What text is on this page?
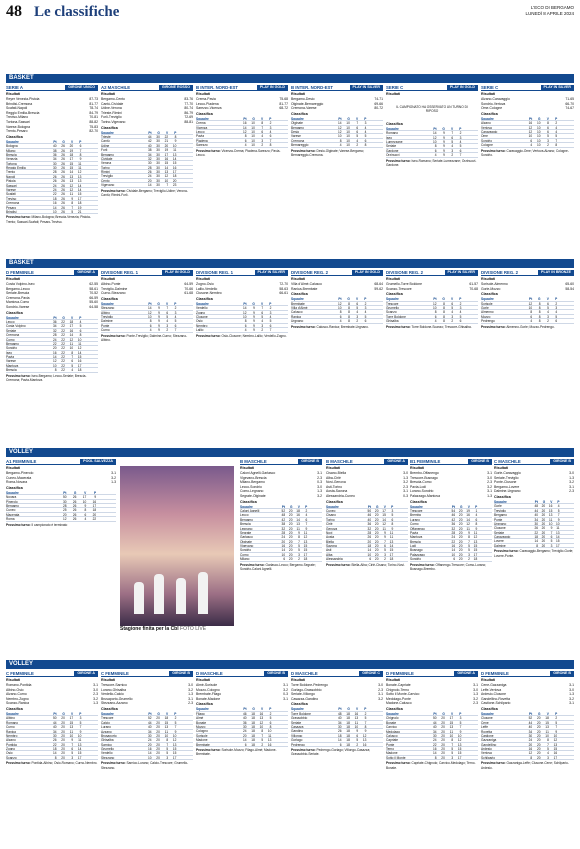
48 Le classifiche	L'ECO DI BERGAMO
LUNEDÌ 8 APRILE 2024
BASKET
BASKET
VOLLEY
VOLLEY
SERIE A	GIRONE UNICO
Risultati
Reyer Venezia-Pistoia	87-73
Brindisi-Cremona	81-77
Scafati-Napoli	78-74
Reggio Emilia-Brescia	84-79
Treviso-Milano	70-81
Tortona-Sassari	88-82
Varese-Bologna	75-83
Trento-Pesaro	82-70
Classifica
Squadre	Pt G V P
Bologna	40 26 20 6
Milano	38 26 19 7
Brescia	36 26 18 8
Venezia	34 26 17 9
Tortona	30 26 15 11
Reggio Emilia	30 26 15 11
Trento	28 26 14 12
Napoli	26 26 13 13
Pistoia	26 26 13 13
Sassari	24 26 12 14
Varese	24 26 12 14
Scafati	22 26 11 15
Treviso	18 26 9 17
Cremona	16 26 8 18
Pesaro	14 26 7 19
Brindisi	10 26 5 21
Prossimo turno: Milano-Bologna; Brescia-Venezia; Pistoia-Trento; Sassari-Scafati; Pesaro-Treviso.
A2 MASCHILE	GIRONE ROSSO
Risultati
Bergamo-Cento	83-76
Cantù-Cividale	77-70
Udine-Verona	80-74
Trieste-Rimini	86-79
Forlì-Treviglio	72-69
Torino-Vigevano	88-81
Classifica
Squadre	Pt G V P
Trieste	44 30 22 8
Cantù	42 30 21 9
Udine	40 30 20 10
Forlì	38 30 19 11
Bergamo	34 30 17 13
Cividale	32 30 16 14
Verona	30 30 15 15
Torino	28 30 14 16
Rimini	26 30 13 17
Treviglio	24 30 12 18
Cento	20 30 10 20
Vigevano	14 30 7 23
Prossimo turno: Cividale-Bergamo; Treviglio-Udine; Verona-Cantù; Rimini-Forlì.
B INTER. NORD-EST	PLAY IN GOLD
Risultati
Crema-Pavia	75-68
Lecco-Piadena	81-77
Sarezzo-Vicenza	68-72
Classifica
Squadre	Pt G V P
Crema	16 10 8 2
Vicenza	14 10 7 3
Lecco	12 10 6 4
Pavia	8 10 4 6
Piadena	6 10 3 7
Sarezzo	4 10 2 8
Prossimo turno: Vicenza-Crema; Piadena-Sarezzo; Pavia-Lecco.
B INTER. NORD-EST	PLAY IN SILVER
Risultati
Bergamo-Desio	74-71
Olginate-Bernareggio	69-66
Cremona-Varese	80-72
Classifica
Squadre	Pt G V P
Olginate	14 10 7 3
Bergamo	12 10 6 4
Desio	12 10 6 4
Varese	10 10 5 5
Cremona	8 10 4 6
Bernareggio	4 10 2 8
Prossimo turno: Desio-Olginate; Varese-Bergamo; Bernareggio-Cremona.
SERIE C	PLAY IN GOLD
Risultati
IL CAMPIONATO HA OSSERVATO UN TURNO DI RIPOSO
Classifica
Squadre	Pt G V P
Romano	14 9 7 2
Iseo	12 9 6 3
Lumezzane	10 9 5 4
Seriate	8 9 4 5
Gardone	6 9 3 6
Orzinuovi	4 9 2 7
Prossimo turno: Iseo-Romano; Seriate-Lumezzane; Orzinuovi-Gardone.
SERIE C	PLAY IN SILVER
Risultati
Alzano-Caravaggio	71-65
Sondrio-Vertova	66-70
Ome-Cologne	74-67
Classifica
Squadre	Pt G V P
Alzano	16 10 8 2
Vertova	12 10 6 4
Caravaggio	12 10 6 4
Ome	10 10 5 5
Sondrio	6 10 3 7
Cologne	4 10 2 8
Prossimo turno: Caravaggio-Ome; Vertova-Alzano; Cologne-Sondrio.
D FEMMINILE	GIRONE A
Risultati
Costa Volpino-Iseo	62-55
Bergamo-Lecco	58-61
Seriate-Brescia	70-52
Cremona-Pavia	66-59
Mantova-Como	55-60
Sondrio-Varese	64-58
Classifica
Squadre	Pt G V P
Lecco	36 22 18 4
Costa Volpino	34 22 17 5
Seriate	32 22 16 6
Cremona	28 22 14 8
Como	24 22 12 10
Bergamo	22 22 11 11
Sondrio	20 22 10 12
Iseo	16 22 8 14
Pavia	14 22 7 15
Varese	12 22 6 16
Mantova	10 22 5 17
Brescia	8 22 4 18
Prossimo turno: Iseo-Bergamo; Lecco-Seriate; Brescia-Cremona; Pavia-Mantova.
DIVISIONE REG. 1	PLAY IN GOLD
Risultati
Albino-Ponte	64-59
Treviglio-Dalmine	70-66
Curno-Stezzano	61-68
Classifica
Squadre	Pt G V P
Stezzano	14 9 7 2
Albino	12 9 6 3
Treviglio	10 9 5 4
Dalmine	8 9 4 5
Ponte	6 9 3 6
Curno	4 9 2 7
Prossimo turno: Ponte-Treviglio; Dalmine-Curno; Stezzano-Albino.
DIVISIONE REG. 1	PLAY IN SILVER
Risultati
Zogno-Osio	72-70
Lallio-Verdello	58-63
Clusone-Nembro	66-61
Classifica
Squadre	Pt G V P
Verdello	14 9 7 2
Zogno	12 9 6 3
Clusone	10 9 5 4
Osio	8 9 4 5
Nembro	6 9 3 6
Lallio	4 9 2 7
Prossimo turno: Osio-Clusone; Nembro-Lallio; Verdello-Zogno.
DIVISIONE REG. 2	PLAY IN GOLD
Risultati
Villa d'Almè-Calusco	68-64
Ranica-Brembate	59-62
Classifica
Squadre	Pt G V P
Brembate	12 8 6 2
Villa d'Almè	10 8 5 3
Calusco	8 8 4 4
Ranica	6 8 3 5
Urgnano	4 8 2 6
Prossimo turno: Calusco-Ranica; Brembate-Urgnano.
DIVISIONE REG. 2	PLAY IN SILVER
Risultati
Grumello-Torre Boldone	61-57
Scanzo-Trescore	70-68
Classifica
Squadre	Pt G V P
Trescore	12 8 6 2
Grumello	10 8 5 3
Scanzo	8 8 4 4
Torre Boldone	6 8 3 5
Ghisalba	4 8 2 6
Prossimo turno: Torre Boldone-Scanzo; Trescore-Ghisalba.
DIVISIONE REG. 2	PLAY IN BRONZE
Risultati
Sorisole-Almenno	65-60
Gorle-Mozzo	58-54
Classifica
Squadre	Pt G V P
Sorisole	12 8 6 2
Gorle	10 8 5 3
Almenno	8 8 4 4
Mozzo	6 8 3 5
Pedrengo	4 8 2 6
Prossimo turno: Almenno-Gorle; Mozzo-Pedrengo.
A1 FEMMINILE	POOL SALVEZZA
Risultati
Bergamo-Pinerolo	3-1
Cuneo-Macerata	3-2
Roma-Novara	1-3
Classifica
Squadre	Pt G V P
Novara	50 26 17	9
Pinerolo	30 26 10 16
Bergamo	28 26	9 17
Cuneo	25 26	8 18
Macerata	20 26	6 20
Roma	12 26	4 22
Prossimo turno: Il campionato è terminato
B MASCHILE	GIRONE B
Risultati
Caloni Agnelli-Garlasco	3-1
Vigevano-Brescia	2-3
Milano-Bergamo	0-3
Lecco-Sondrio	3-0
Como-Legnano	1-3
Segrate-Olginate	3-2
Classifica
Squadre	Pt G V P
Caloni Agnelli	52 20 18 2
Lecco	48 20 16 4
Bergamo	42 20 14 6
Brescia	38 20 13 7
Legnano	32 20 11 9
Segrate	28 20 9 11
Garlasco	24 20 8 12
Olginate	20 20 7 13
Vigevano	16 20 5 15
Sondrio	14 20 5 15
Como	10 20 3 17
Milano	6 20 2 18
Prossimo turno: Garlasco-Lecco; Bergamo-Segrate; Sondrio-Caloni Agnelli.
B MASCHILE	GIRONE A
Risultati
Cisano-Biella	3-0
Alba-Ciriè	1-3
Novi-Genova	3-2
Asti-Torino	2-3
Aosta-Savona	3-1
Alessandria-Cuneo	0-3
Classifica
Squadre	Pt G V P
Cuneo	50 20 17 3
Cisano	46 20 15 5
Torino	40 20 14 6
Ciriè	36 20 12 8
Genova	32 20 11 9
Novi	28 20 9 11
Aosta	26 20 9 11
Biella	20 20 7 13
Savona	18 20 6 14
Asti	14 20 5 15
Alba	10 20 3 17
Alessandria	6 20 2 18
Prossimo turno: Biella-Alba; Ciriè-Cisano; Torino-Novi.
B1 FEMMINILE	GIRONE B
Risultati
Brembo-Offanengo	3-1
Trescore-Busnago	3-0
Brescia-Como	2-3
Pavia-Lodi	3-2
Lurano-Sondrio	3-1
Palazzago-Mantova	1-3
Classifica
Squadre	Pt G V P
Trescore	54 20 19 1
Brembo	46 20 16 4
Lurano	42 20 14 6
Como	36 20 12 8
Offanengo	32 20 11 9
Pavia	28 20 9 11
Mantova	24 20 8 12
Brescia	22 20 7 13
Lodi	16 20 5 15
Busnago	14 20 5 15
Palazzago	10 20 3 17
Sondrio	6 20 2 18
Prossimo turno: Offanengo-Trescore; Como-Lurano; Busnago-Brembo.
C MASCHILE	GIRONE B
Risultati
Gorle-Caravaggio	3-0
Seriate-Treviglio	1-3
Ponte-Clusone	3-2
Bergamo-Lovere	3-1
Dalmine-Urgnano	2-3
Classifica
Squadre	Pt G V P
Gorle	48 20 16 4
Treviglio	44 20 15 5
Bergamo	40 20 13 7
Ponte	34 20 11 9
Urgnano	30 20 10 10
Clusone	26 20 9 11
Seriate	22 20 7 13
Caravaggio	18 20 6 14
Lovere	14 20 5 15
Dalmine	8 20 3 17
Prossimo turno: Caravaggio-Bergamo; Treviglio-Gorle; Lovere-Ponte.
C FEMMINILE	GIRONE A
Risultati
Romano-Pontida	3-1
Albino-Osio	3-0
Alzano-Curno	2-3
Nembro-Zogno	3-2
Scanzo-Ranica	1-3
Classifica
Squadre	Pt G V P
Albino	50 20 17 3
Romano	44 20 15 5
Curno	40 20 13 7
Ranica	34 20 11 9
Nembro	30 20 10 10
Alzano	26 20 9 11
Pontida	22 20 7 13
Zogno	18 20 6 14
Osio	14 20 5 15
Scanzo	8 20 3 17
Prossimo turno: Pontida-Albino; Osio-Romano; Curno-Nembro.
C FEMMINILE	GIRONE B
Risultati
Trescore-Sarnico	3-0
Lurano-Ghisalba	3-2
Verdello-Calcio	1-3
Brusaporto-Grumello	3-1
Stezzano-Azzano	2-3
Classifica
Squadre	Pt G V P
Trescore	52 20 18 2
Calcio	44 20 15 5
Lurano	40 20 13 7
Azzano	34 20 11 9
Brusaporto	30 20 10 10
Ghisalba	24 20 8 12
Sarnico	20 20 7 13
Grumello	16 20 5 15
Verdello	14 20 5 15
Stezzano	10 20 3 17
Prossimo turno: Sarnico-Lurano; Calcio-Trescore; Grumello-Stezzano.
D MASCHILE	GIRONE B
Risultati
Almè-Sorisole	3-1
Mozzo-Cologno	3-2
Brembate-Filago	0-3
Bonate-Madone	3-1
Classifica
Squadre	Pt G V P
Filago	46 18 16 2
Almè	40 18 13 5
Bonate	36 18 12 6
Mozzo	30 18 10 8
Cologno	24 18 8 10
Sorisole	20 18 7 11
Madone	14 18 5 13
Brembate	6 18 2 16
Prossimo turno: Sorisole-Mozzo; Filago-Almè; Madone-Brembate.
D MASCHILE	GIRONE C
Risultati
Torre Boldone-Pedrengo	3-0
Gorlago-Grassobbio	2-3
Seriate-Villongo	3-1
Casazza-Gandino	3-2
Classifica
Squadre	Pt G V P
Torre Boldone	48 18 16 2
Grassobbio	40 18 13 5
Seriate	34 18 11 7
Casazza	30 18 10 8
Gandino	26 18 9 9
Villongo	18 18 6 12
Gorlago	14 18 5 13
Pedrengo	6 18 2 16
Prossimo turno: Pedrengo-Gorlago; Villongo-Casazza; Grassobbio-Seriate.
D FEMMINILE	GIRONE A
Risultati
Bonate-Capriate	3-1
Chignolo-Terno	3-0
Sotto il Monte-Carvico	1-3
Medolago-Ponte	3-2
Madone-Calusco	2-3
Classifica
Squadre	Pt G V P
Chignolo	50 20 17 3
Bonate	44 20 15 5
Carvico	40 20 13 7
Medolago	34 20 11 9
Calusco	30 20 10 10
Capriate	24 20 8 12
Ponte	22 20 7 13
Terno	16 20 5 15
Madone	14 20 5 15
Sotto il Monte	8 20 3 17
Prossimo turno: Capriate-Chignolo; Carvico-Medolago; Terno-Bonate.
D FEMMINILE	GIRONE B
Risultati
Cene-Gazzaniga	3-1
Leffe-Vertova	3-0
Ardesio-Clusone	1-3
Gandellino-Rovetta	3-2
Castione-Schilpario	3-1
Classifica
Squadre	Pt G V P
Clusone	52 20 18 2
Cene	44 20 15 5
Leffe	40 20 13 7
Rovetta	34 20 11 9
Castione	30 20 10 10
Gazzaniga	24 20 8 12
Gandellino	20 20 7 13
Ardesio	16 20 5 15
Vertova	12 20 4 16
Schilpario	8 20 3 17
Prossimo turno: Gazzaniga-Leffe; Clusone-Cene; Schilpario-Ardesio.
Stagione finita per la Cbl FOTO LIVE
